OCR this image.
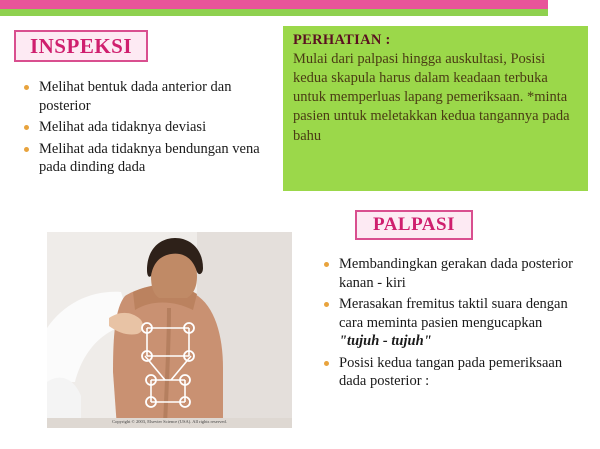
INSPEKSI
Melihat bentuk dada anterior dan posterior
Melihat ada tidaknya deviasi
Melihat ada tidaknya bendungan vena pada dinding dada
PERHATIAN :
Mulai dari palpasi hingga auskultasi, Posisi kedua skapula harus dalam keadaan terbuka untuk memperluas lapang pemeriksaan. *minta pasien untuk meletakkan kedua tangannya pada bahu
PALPASI
Membandingkan gerakan dada posterior kanan - kiri
Merasakan fremitus taktil suara dengan cara meminta pasien mengucapkan "tujuh - tujuh"
Posisi kedua tangan pada pemeriksaan dada posterior :
Copyright © 2003, Elsevier Science (USA). All rights reserved.
